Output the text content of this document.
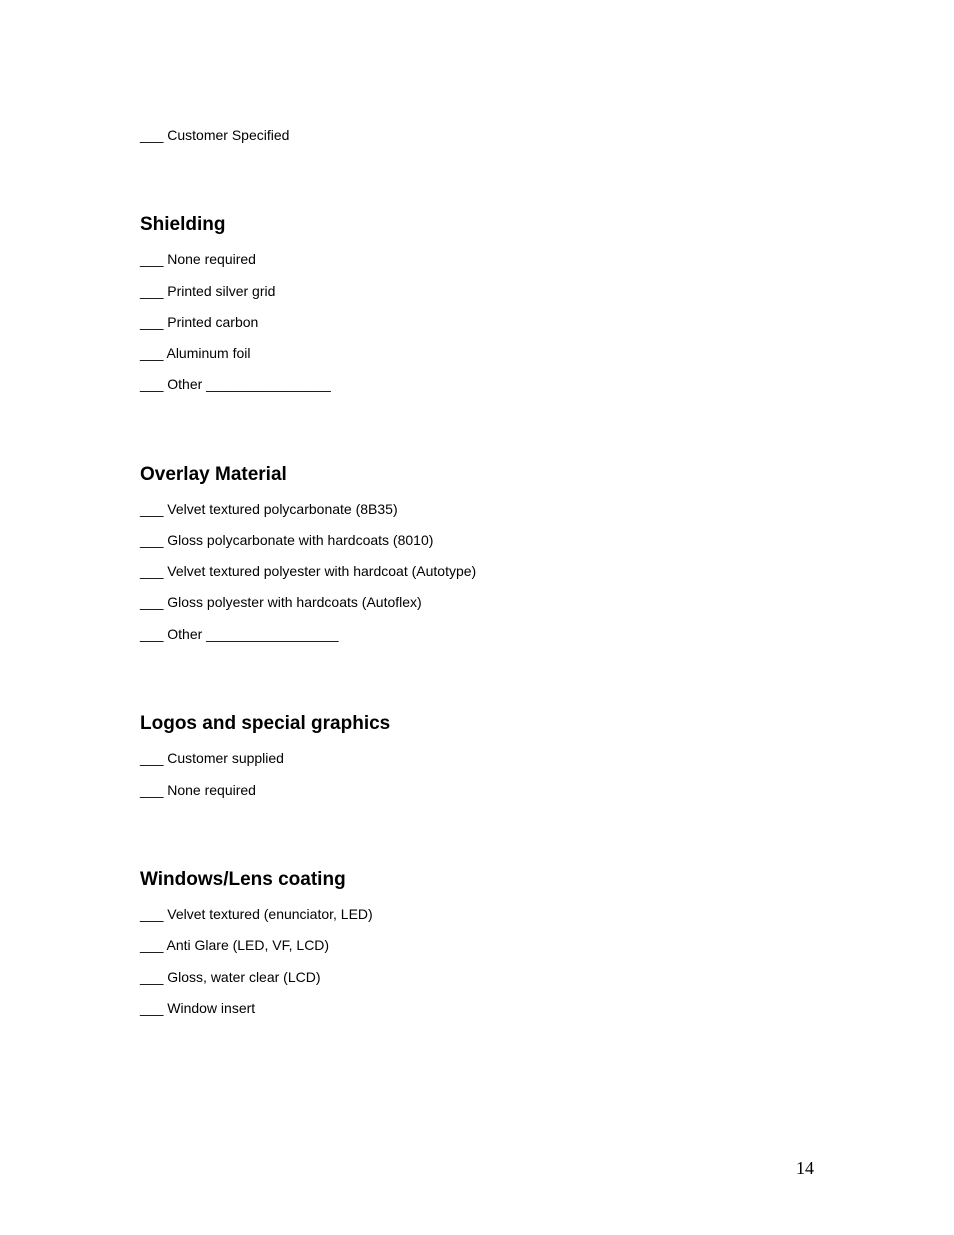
___ Customer Specified
Shielding
___ None required
___ Printed silver grid
___ Printed carbon
___ Aluminum foil
___ Other ________________
Overlay Material
___ Velvet textured polycarbonate (8B35)
___ Gloss polycarbonate with hardcoats (8010)
___ Velvet textured polyester with hardcoat (Autotype)
___ Gloss polyester with hardcoats (Autoflex)
___ Other _________________
Logos and special graphics
___ Customer supplied
___ None required
Windows/Lens coating
___ Velvet textured (enunciator, LED)
___ Anti Glare (LED, VF, LCD)
___ Gloss, water clear (LCD)
___ Window insert
14
